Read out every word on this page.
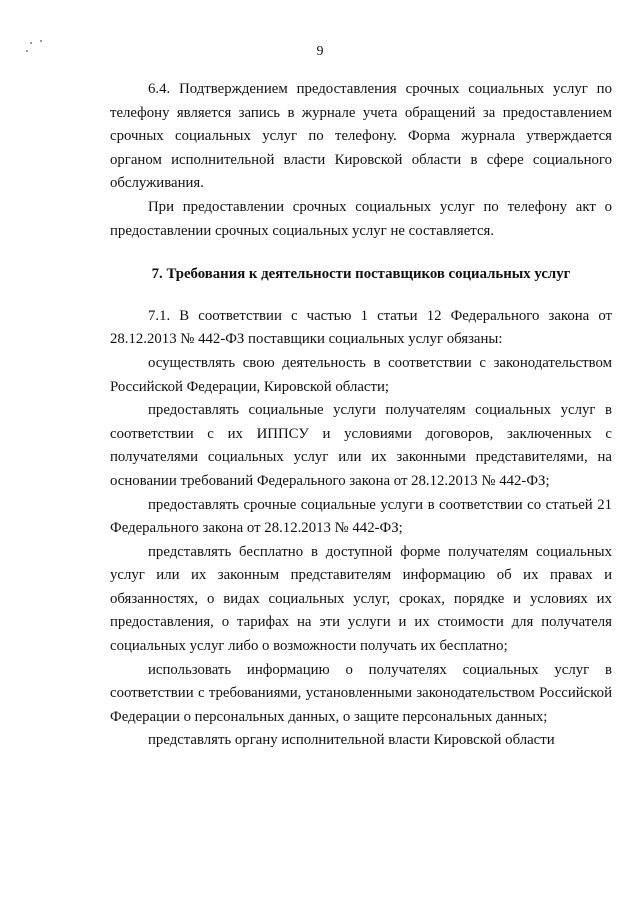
9

6.4. Подтверждением предоставления срочных социальных услуг по телефону является запись в журнале учета обращений за предоставлением срочных социальных услуг по телефону. Форма журнала утверждается органом исполнительной власти Кировской области в сфере социального обслуживания.

При предоставлении срочных социальных услуг по телефону акт о предоставлении срочных социальных услуг не составляется.

7. Требования к деятельности поставщиков социальных услуг

7.1. В соответствии с частью 1 статьи 12 Федерального закона от 28.12.2013 № 442-ФЗ поставщики социальных услуг обязаны:

осуществлять свою деятельность в соответствии с законодательством Российской Федерации, Кировской области;

предоставлять социальные услуги получателям социальных услуг в соответствии с их ИППСУ и условиями договоров, заключенных с получателями социальных услуг или их законными представителями, на основании требований Федерального закона от 28.12.2013 № 442-ФЗ;

предоставлять срочные социальные услуги в соответствии со статьей 21 Федерального закона от 28.12.2013 № 442-ФЗ;

представлять бесплатно в доступной форме получателям социальных услуг или их законным представителям информацию об их правах и обязанностях, о видах социальных услуг, сроках, порядке и условиях их предоставления, о тарифах на эти услуги и их стоимости для получателя социальных услуг либо о возможности получать их бесплатно;

использовать информацию о получателях социальных услуг в соответствии с требованиями, установленными законодательством Российской Федерации о персональных данных, о защите персональных данных;

представлять органу исполнительной власти Кировской области
